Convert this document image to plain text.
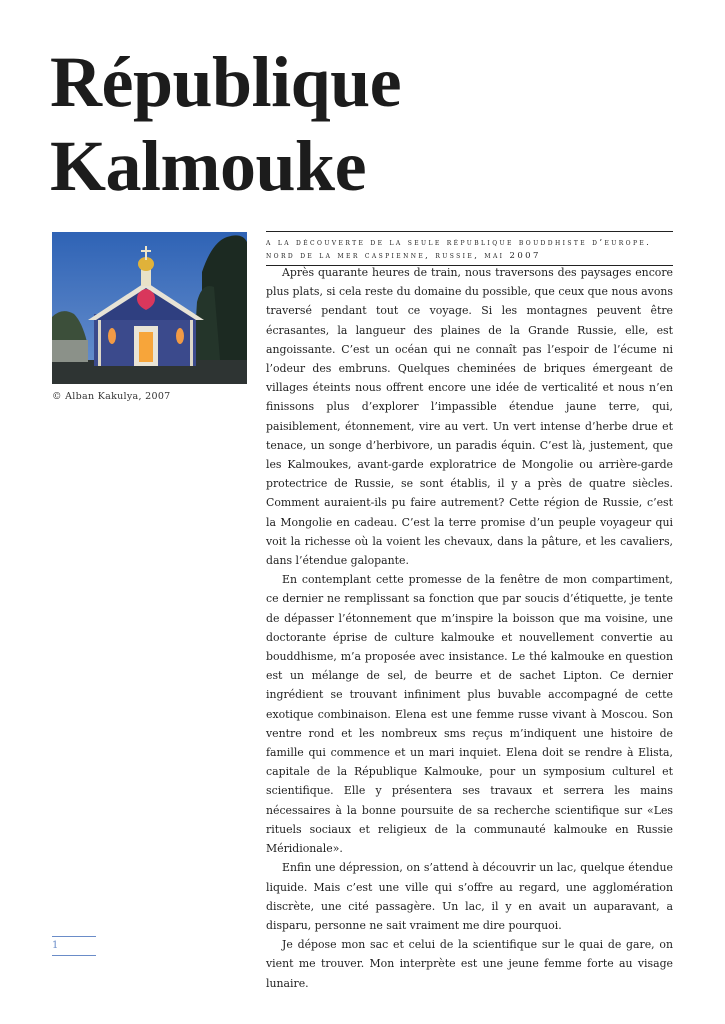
République
Kalmouke
© Alban Kakulya, 2007
a la découverte de la seule république bouddhiste d’europe.
nord de la mer caspienne, russie, mai 2007

Après quarante heures de train, nous traversons des paysages encore plus plats, si cela reste du domaine du possible, que ceux que nous avons traversé pendant tout ce voyage. Si les montagnes peuvent être écrasantes, la langueur des plaines de la Grande Russie, elle, est angoissante. C’est un océan qui ne connaît pas l’espoir de l’écume ni l’odeur des embruns. Quelques cheminées de briques émergeant de villages éteints nous offrent encore une idée de verticalité et nous n’en finissons plus d’explorer l’impassible étendue jaune terre, qui, paisiblement, étonnement, vire au vert. Un vert intense d’herbe drue et tenace, un songe d’herbivore, un paradis équin. C’est là, justement, que les Kalmoukes, avant-garde exploratrice de Mongolie ou arrière-garde protectrice de Russie, se sont établis, il y a près de quatre siècles. Comment auraient-ils pu faire autrement? Cette région de Russie, c’est la Mongolie en cadeau. C’est la terre promise d’un peuple voyageur qui voit la richesse où la voient les chevaux, dans la pâture, et les cavaliers, dans l’étendue galopante.

En contemplant cette promesse de la fenêtre de mon compartiment, ce dernier ne remplissant sa fonction que par soucis d’étiquette, je tente de dépasser l’étonnement que m’inspire la boisson que ma voisine, une doctorante éprise de culture kalmouke et nouvellement convertie au bouddhisme, m’a proposée avec insistance. Le thé kalmouke en question est un mélange de sel, de beurre et de sachet Lipton. Ce dernier ingrédient se trouvant infiniment plus buvable accompagné de cette exotique combinaison. Elena est une femme russe vivant à Moscou. Son ventre rond et les nombreux sms reçus m’indiquent une histoire de famille qui commence et un mari inquiet. Elena doit se rendre à Elista, capitale de la République Kalmouke, pour un symposium culturel et scientifique. Elle y présentera ses travaux et serrera les mains nécessaires à la bonne poursuite de sa recherche scientifique sur «Les rituels sociaux et religieux de la communauté kalmouke en Russie Méridionale».

Enfin une dépression, on s’attend à découvrir un lac, quelque étendue liquide. Mais c’est une ville qui s’offre au regard, une agglomération discrète, une cité passagère. Un lac, il y en avait un auparavant, a disparu, personne ne sait vraiment me dire pourquoi.

Je dépose mon sac et celui de la scientifique sur le quai de gare, on vient me trouver. Mon interprète est une jeune femme forte au visage lunaire.

1
